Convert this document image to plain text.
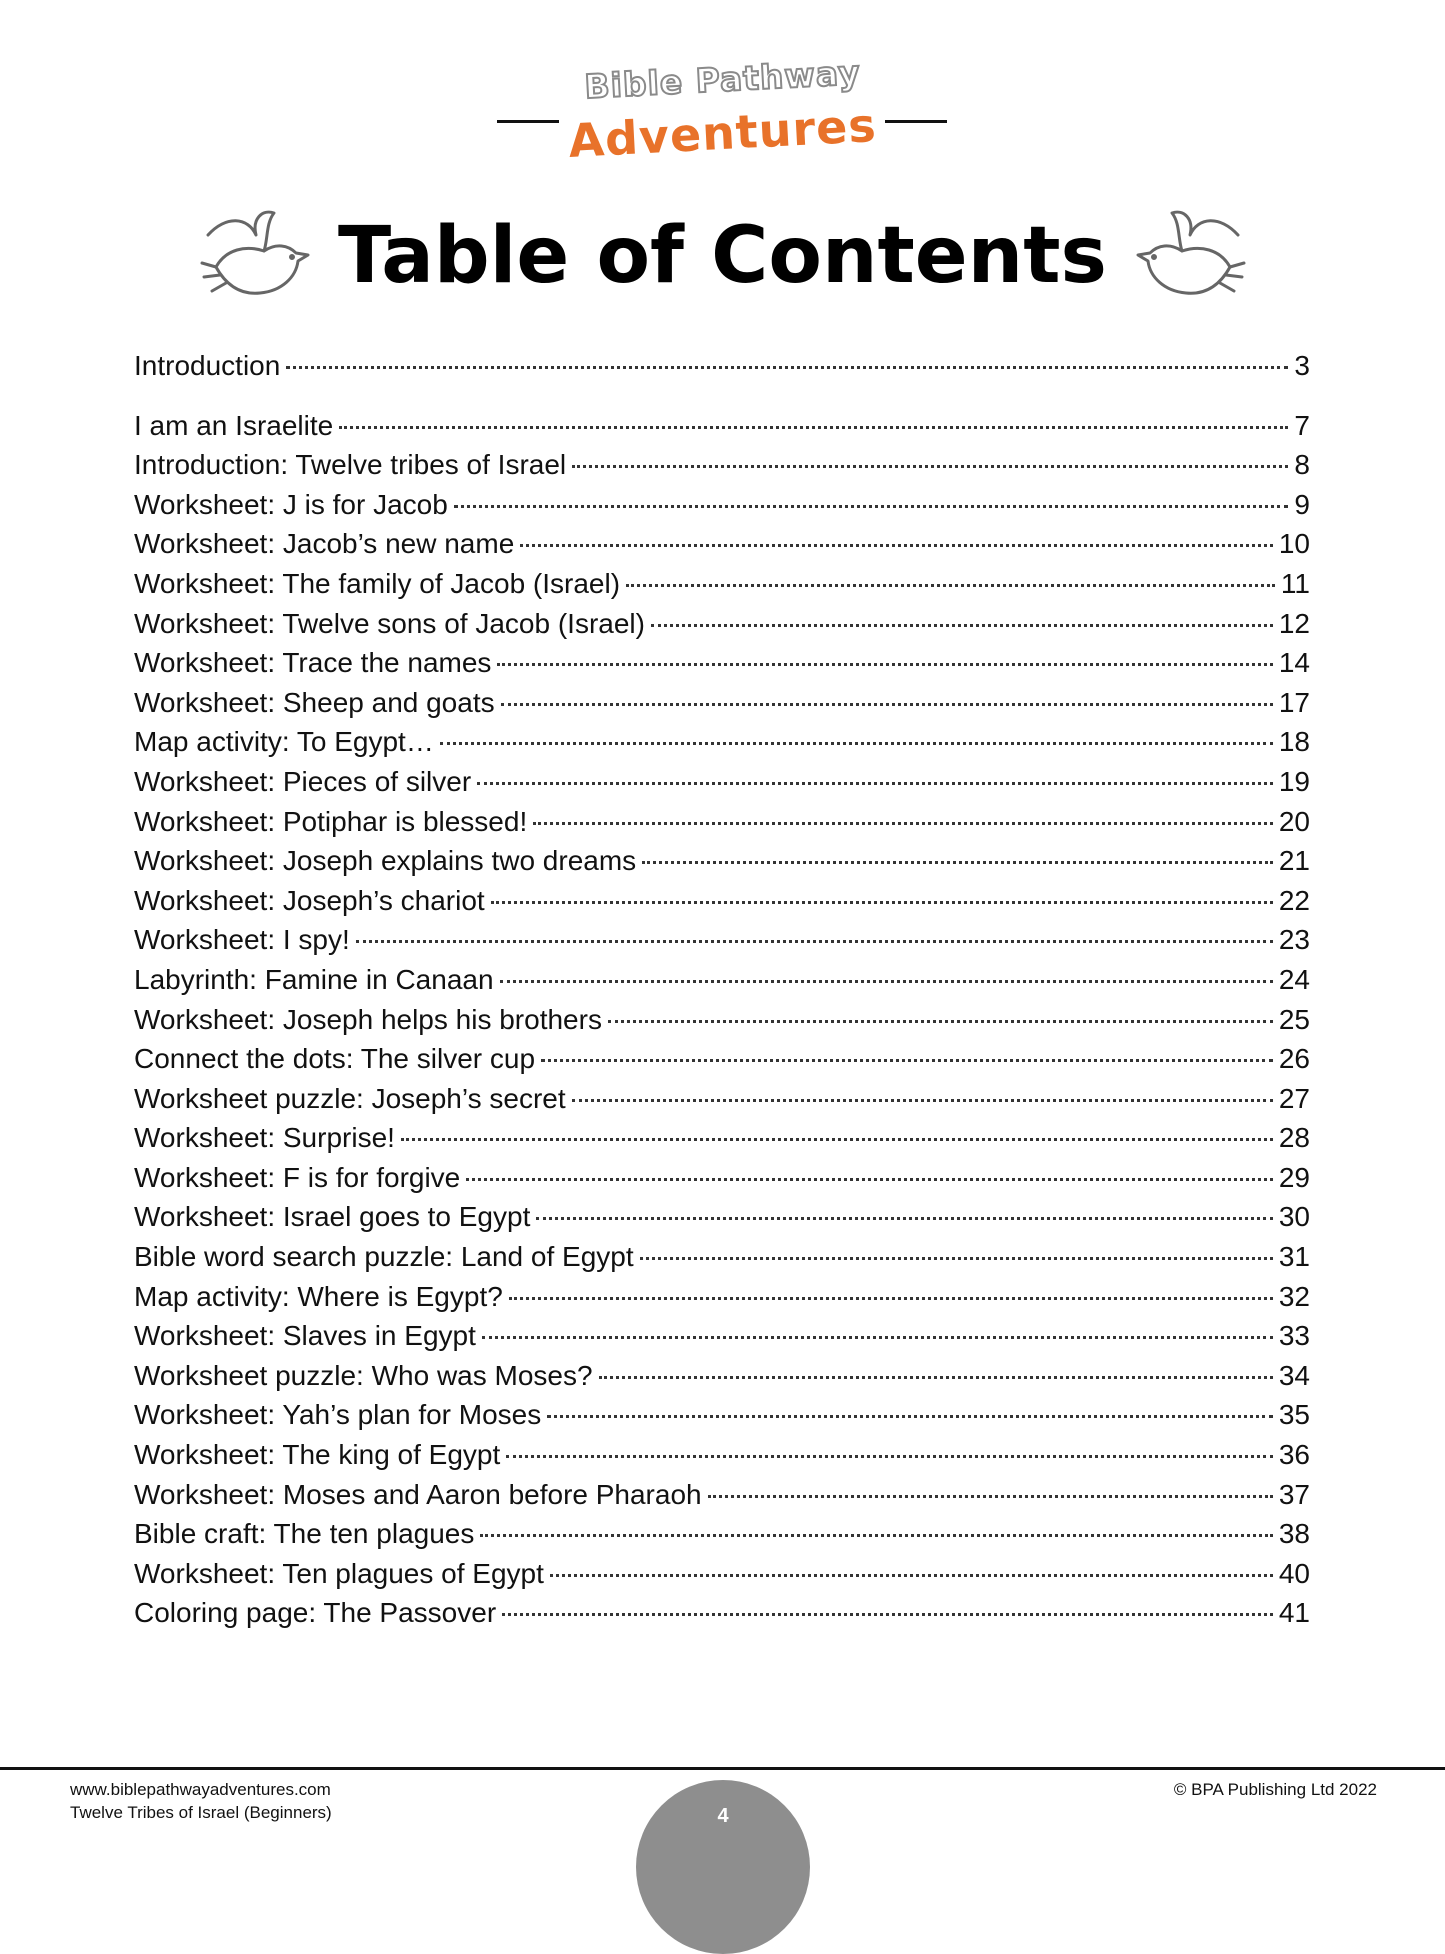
Bible Pathway
Adventures
Table of Contents
Introduction	3
I am an Israelite	7
Introduction: Twelve tribes of Israel	8
Worksheet: J is for Jacob	9
Worksheet: Jacob’s new name	10
Worksheet: The family of Jacob (Israel)	11
Worksheet: Twelve sons of Jacob (Israel)	12
Worksheet: Trace the names	14
Worksheet: Sheep and goats	17
Map activity: To Egypt…	18
Worksheet: Pieces of silver	19
Worksheet: Potiphar is blessed!	20
Worksheet: Joseph explains two dreams	21
Worksheet: Joseph’s chariot	22
Worksheet: I spy!	23
Labyrinth: Famine in Canaan	24
Worksheet: Joseph helps his brothers	25
Connect the dots: The silver cup	26
Worksheet puzzle: Joseph’s secret	27
Worksheet: Surprise!	28
Worksheet: F is for forgive	29
Worksheet: Israel goes to Egypt	30
Bible word search puzzle: Land of Egypt	31
Map activity: Where is Egypt?	32
Worksheet: Slaves in Egypt	33
Worksheet puzzle: Who was Moses?	34
Worksheet: Yah’s plan for Moses	35
Worksheet: The king of Egypt	36
Worksheet: Moses and Aaron before Pharaoh	37
Bible craft: The ten plagues	38
Worksheet: Ten plagues of Egypt	40
Coloring page: The Passover	41
www.biblepathwayadventures.com
Twelve Tribes of Israel (Beginners)
© BPA Publishing Ltd 2022
4
